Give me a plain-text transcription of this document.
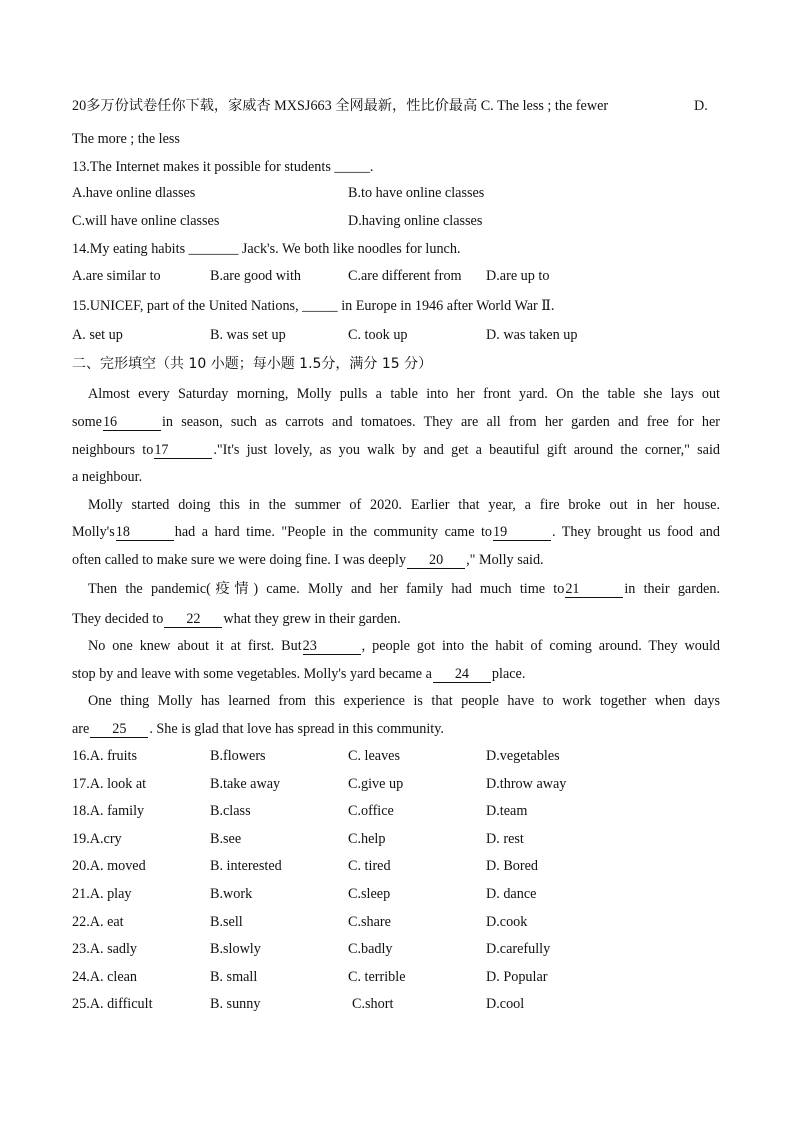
20多万份试卷任你下载，家威杏 MXSJ663 全网最新，性比价最高 C. The less ; the fewer	D.
The more ; the less
13.The Internet makes it possible for students _____.
A.have online dlasses	B.to have online classes
C.will have online classes	D.having online classes
14.My eating habits _______ Jack's. We both like noodles for lunch.
A.are similar to	B.are good with	C.are different from D.are up to
15.UNICEF, part of the United Nations, _____ in Europe in 1946 after World War Ⅱ.
A. set up	B. was set up	C. took up	D. was taken up
二、完形填空（共 10 小题；每小题 1.5分，满分 15 分）
Almost every Saturday morning, Molly pulls a table into her front yard. On the table she lays out
some16	in season, such as carrots and tomatoes. They are all from her garden and free for her
neighbours to17	."It's just lovely, as you walk by and get a beautiful gift around the corner," said
a neighbour.
Molly started doing this in the summer of 2020. Earlier that year, a fire broke out in her house.
Molly's18	had a hard time. "People in the community came to19	. They brought us food and
often called to make sure we were doing fine. I was deeply 20 ," Molly said.
Then the pandemic(疫情) came. Molly and her family had much time to21	in their garden.
They decided to 22 what they grew in their garden.
No one knew about it at first. But23	, people got into the habit of coming around. They would
stop by and leave with some vegetables. Molly's yard became a 24 place.
One thing Molly has learned from this experience is that people have to work together when days
are 25 . She is glad that love has spread in this community.
16.A. fruits	B.flowers	C. leaves	D.vegetables
17.A. look at	B.take away	C.give up	D.throw away
18.A. family	B.class	C.office	D.team
19.A.cry	B.see	C.help	D. rest
20.A. moved	B. interested	C. tired	D. Bored
21.A. play	B.work	C.sleep	D. dance
22.A. eat	B.sell	C.share	D.cook
23.A. sadly	B.slowly	C.badly	D.carefully
24.A. clean	B. small	C. terrible	D. Popular
25.A. difficult	B. sunny	C.short	D.cool
